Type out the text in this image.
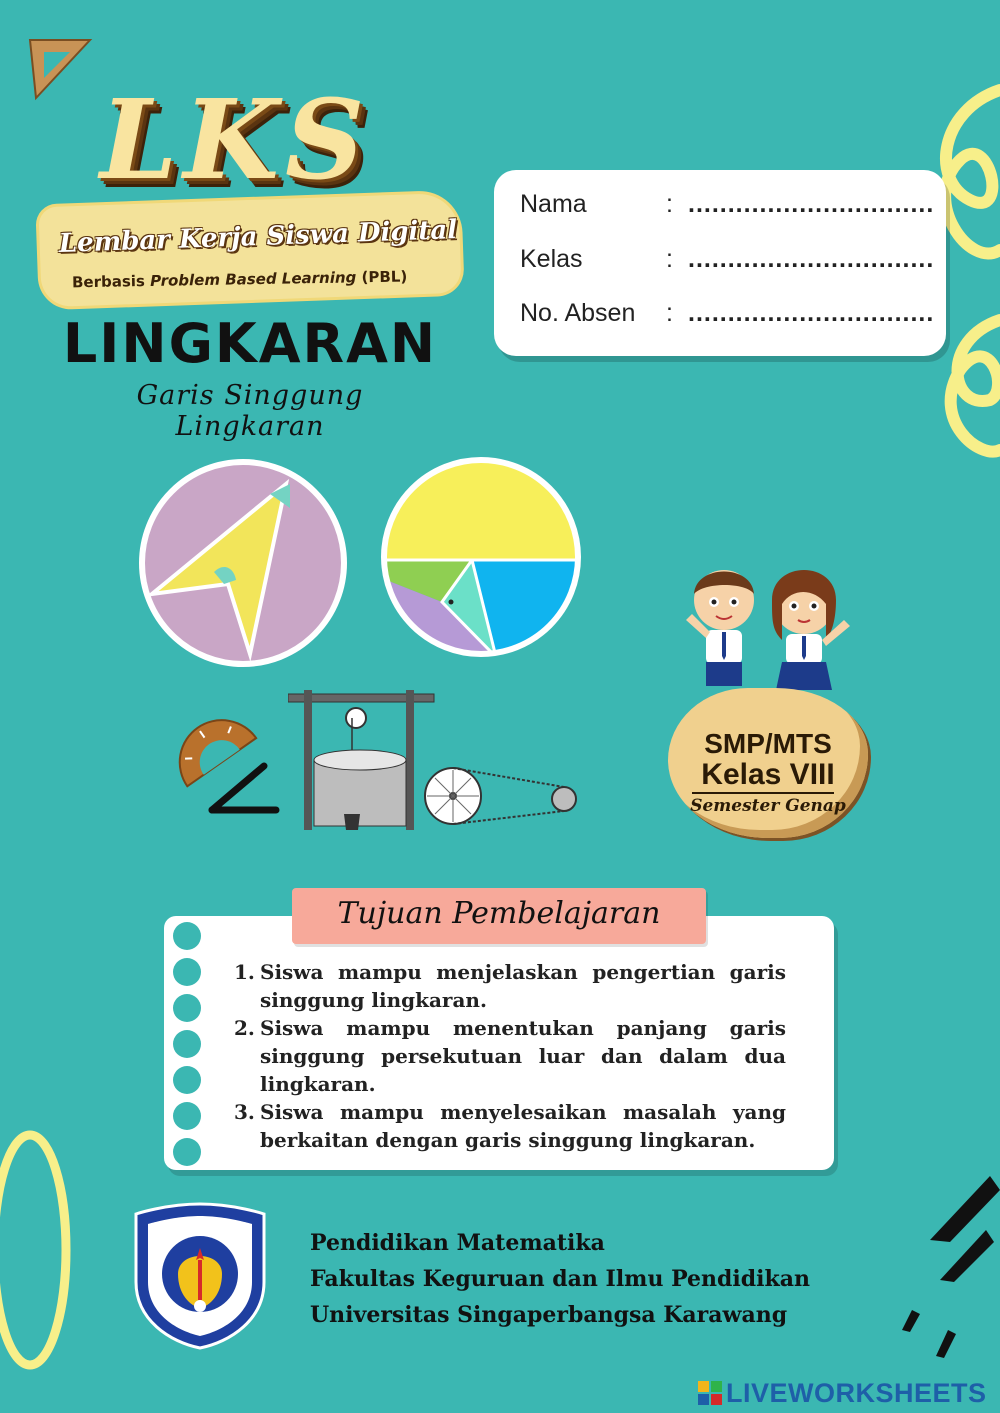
LKS
Lembar Kerja Siswa Digital
Berbasis Problem Based Learning (PBL)
LINGKARAN
Garis Singgung Lingkaran
Nama	: ...............................
Kelas	: ...............................
No. Absen : ...............................
SMP/MTS
Kelas VIII
Semester Genap
Tujuan Pembelajaran
1. Siswa mampu menjelaskan pengertian garis singgung lingkaran.
2. Siswa mampu menentukan panjang garis singgung persekutuan luar dan dalam dua lingkaran.
3. Siswa mampu menyelesaikan masalah yang berkaitan dengan garis singgung lingkaran.
Pendidikan Matematika
Fakultas Keguruan dan Ilmu Pendidikan
Universitas Singaperbangsa Karawang
LIVEWORKSHEETS
